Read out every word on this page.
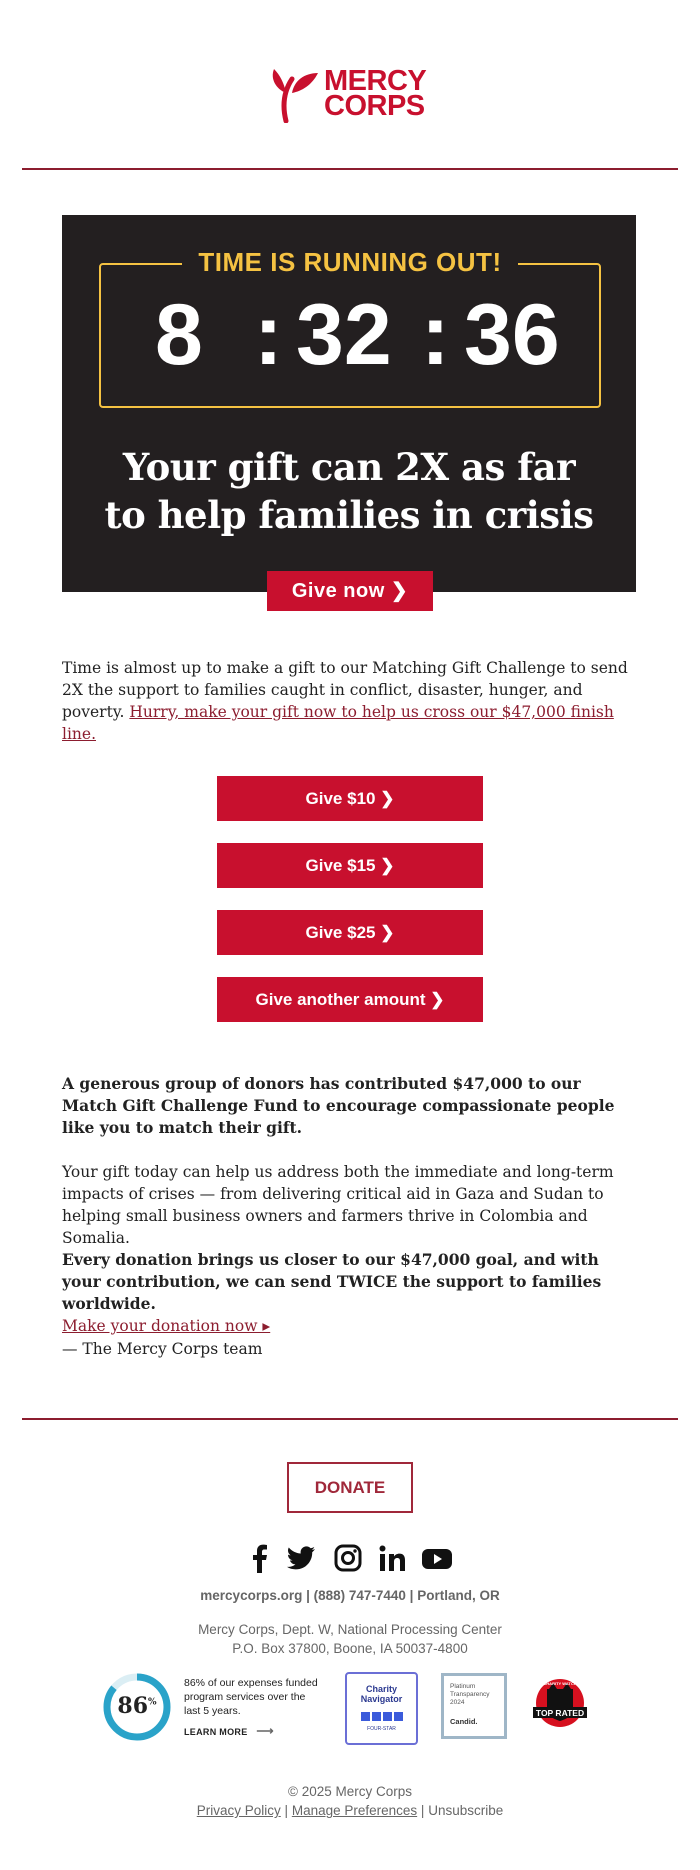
MERCY
CORPS
TIME IS RUNNING OUT!
8 : 32 : 36
Your gift can 2X as far
to help families in crisis
Give now ❯
Time is almost up to make a gift to our Matching Gift Challenge to send 2X the support to families caught in conflict, disaster, hunger, and poverty. Hurry, make your gift now to help us cross our $47,000 finish line.
Give $10 ❯
Give $15 ❯
Give $25 ❯
Give another amount ❯
A generous group of donors has contributed $47,000 to our Match Gift Challenge Fund to encourage compassionate people like you to match their gift.
Your gift today can help us address both the immediate and long-term impacts of crises — from delivering critical aid in Gaza and Sudan to helping small business owners and farmers thrive in Colombia and Somalia.
Every donation brings us closer to our $47,000 goal, and with your contribution, we can send TWICE the support to families worldwide.
Make your donation now ▸
— The Mercy Corps team
DONATE
mercycorps.org | (888) 747-7440 | Portland, OR
Mercy Corps, Dept. W, National Processing Center
P.O. Box 37800, Boone, IA 50037-4800
86%
86% of our expenses funded program services over the last 5 years.
LEARN MORE ⟶
Charity Navigator
FOUR-STAR
Platinum
Transparency
2024
Candid.
CHARITY WATCH
TOP RATED
© 2025 Mercy Corps
Privacy Policy | Manage Preferences | Unsubscribe
